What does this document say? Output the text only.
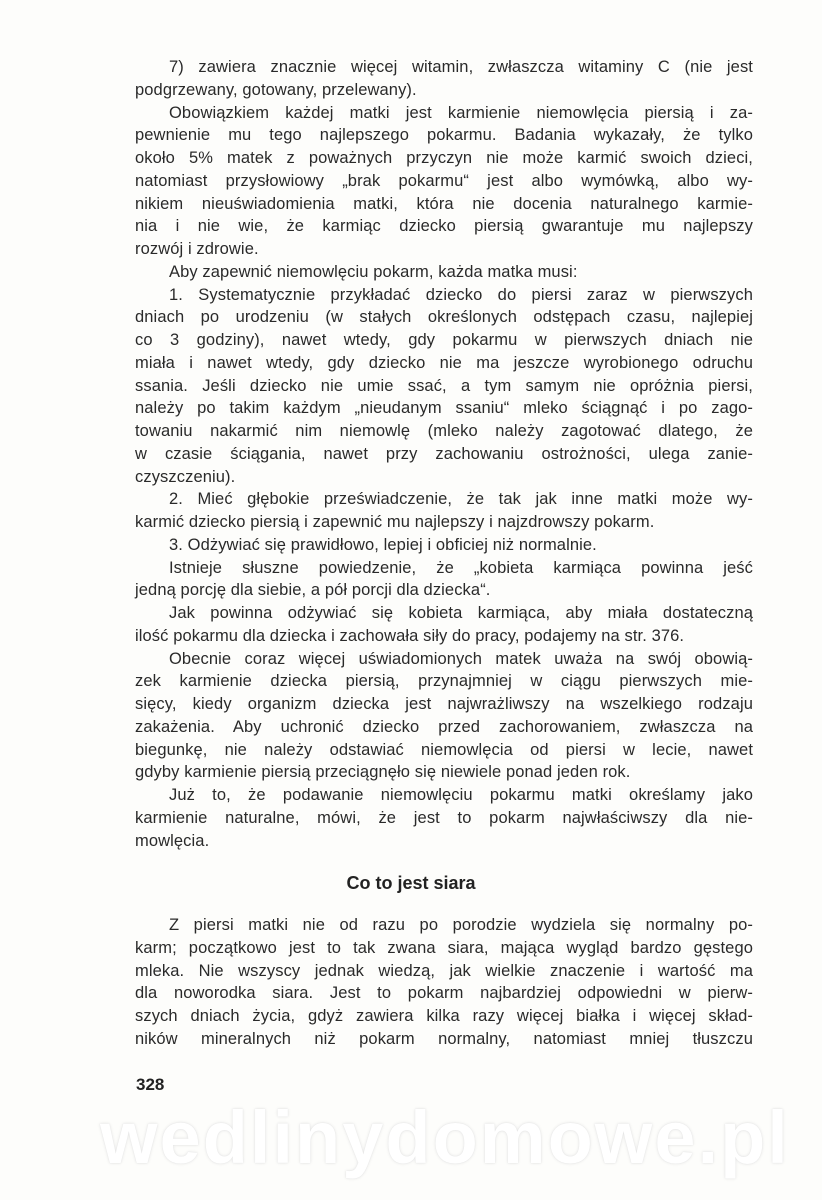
7) zawiera znacznie więcej witamin, zwłaszcza witaminy C (nie jest
podgrzewany, gotowany, przelewany).
Obowiązkiem każdej matki jest karmienie niemowlęcia piersią i za-
pewnienie mu tego najlepszego pokarmu. Badania wykazały, że tylko
około 5% matek z poważnych przyczyn nie może karmić swoich dzieci,
natomiast przysłowiowy „brak pokarmu“ jest albo wymówką, albo wy-
nikiem nieuświadomienia matki, która nie docenia naturalnego karmie-
nia i nie wie, że karmiąc dziecko piersią gwarantuje mu najlepszy
rozwój i zdrowie.
Aby zapewnić niemowlęciu pokarm, każda matka musi:
1. Systematycznie przykładać dziecko do piersi zaraz w pierwszych
dniach po urodzeniu (w stałych określonych odstępach czasu, najlepiej
co 3 godziny), nawet wtedy, gdy pokarmu w pierwszych dniach nie
miała i nawet wtedy, gdy dziecko nie ma jeszcze wyrobionego odruchu
ssania. Jeśli dziecko nie umie ssać, a tym samym nie opróżnia piersi,
należy po takim każdym „nieudanym ssaniu“ mleko ściągnąć i po zago-
towaniu nakarmić nim niemowlę (mleko należy zagotować dlatego, że
w czasie ściągania, nawet przy zachowaniu ostrożności, ulega zanie-
czyszczeniu).
2. Mieć głębokie przeświadczenie, że tak jak inne matki może wy-
karmić dziecko piersią i zapewnić mu najlepszy i najzdrowszy pokarm.
3. Odżywiać się prawidłowo, lepiej i obficiej niż normalnie.
Istnieje słuszne powiedzenie, że „kobieta karmiąca powinna jeść
jedną porcję dla siebie, a pół porcji dla dziecka“.
Jak powinna odżywiać się kobieta karmiąca, aby miała dostateczną
ilość pokarmu dla dziecka i zachowała siły do pracy, podajemy na str. 376.
Obecnie coraz więcej uświadomionych matek uważa na swój obowią-
zek karmienie dziecka piersią, przynajmniej w ciągu pierwszych mie-
sięcy, kiedy organizm dziecka jest najwrażliwszy na wszelkiego rodzaju
zakażenia. Aby uchronić dziecko przed zachorowaniem, zwłaszcza na
biegunkę, nie należy odstawiać niemowlęcia od piersi w lecie, nawet
gdyby karmienie piersią przeciągnęło się niewiele ponad jeden rok.
Już to, że podawanie niemowlęciu pokarmu matki określamy jako
karmienie naturalne, mówi, że jest to pokarm najwłaściwszy dla nie-
mowlęcia.
Co to jest siara
Z piersi matki nie od razu po porodzie wydziela się normalny po-
karm; początkowo jest to tak zwana siara, mająca wygląd bardzo gęstego
mleka. Nie wszyscy jednak wiedzą, jak wielkie znaczenie i wartość ma
dla noworodka siara. Jest to pokarm najbardziej odpowiedni w pierw-
szych dniach życia, gdyż zawiera kilka razy więcej białka i więcej skład-
ników mineralnych niż pokarm normalny, natomiast mniej tłuszczu
328
wedlinydomowe.pl
